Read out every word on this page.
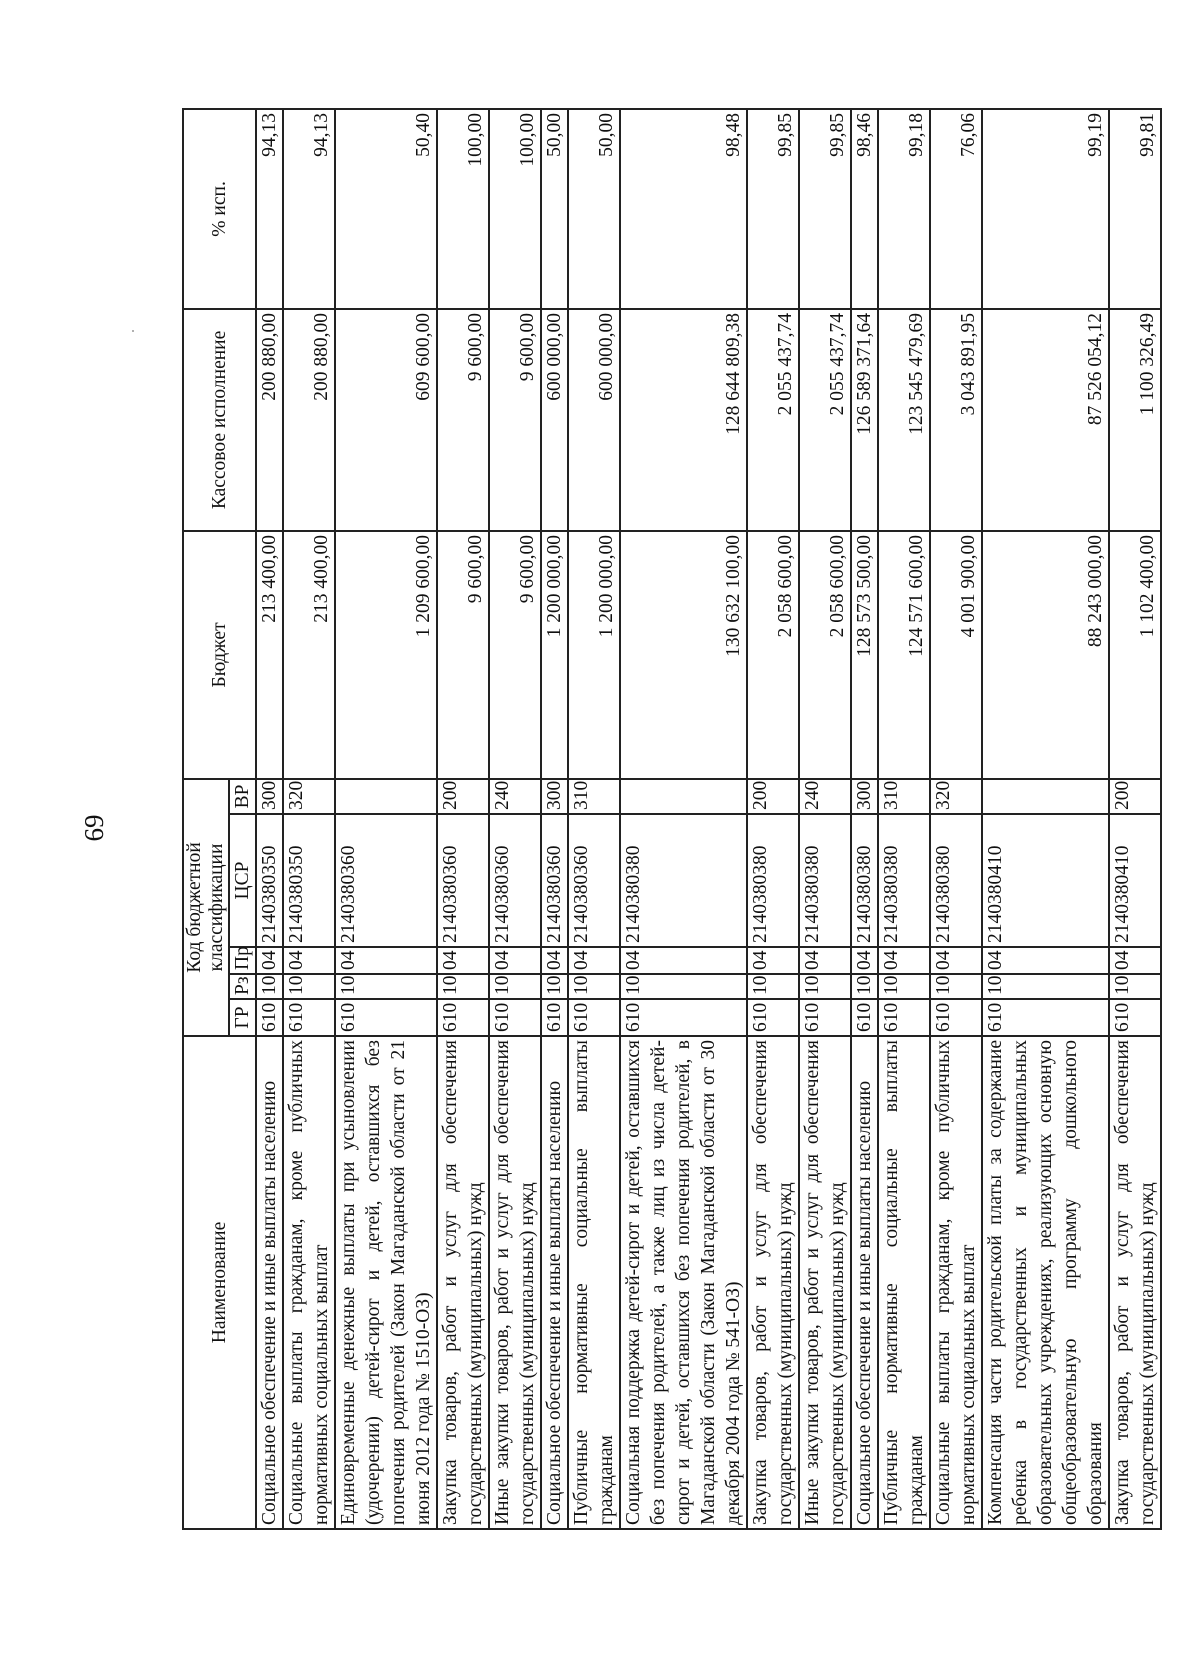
69
Наименование	Код бюджетной классификации					Бюджет	Кассовое исполнение	% исп.
	ГР	Рз	Пр	ЦСР	ВР			
Социальное обеспечение и иные выплаты населению	610	10	04	2140380350	300	213 400,00	200 880,00	94,13
Социальные выплаты гражданам, кроме публичных нормативных социальных выплат	610	10	04	2140380350	320	213 400,00	200 880,00	94,13
Единовременные денежные выплаты при усыновлении (удочерении) детей-сирот и детей, оставшихся без попечения родителей (Закон Магаданской области от 21 июня 2012 года № 1510-ОЗ)	610	10	04	2140380360		1 209 600,00	609 600,00	50,40
Закупка товаров, работ и услуг для обеспечения государственных (муниципальных) нужд	610	10	04	2140380360	200	9 600,00	9 600,00	100,00
Иные закупки товаров, работ и услуг для обеспечения государственных (муниципальных) нужд	610	10	04	2140380360	240	9 600,00	9 600,00	100,00
Социальное обеспечение и иные выплаты населению	610	10	04	2140380360	300	1 200 000,00	600 000,00	50,00
Публичные нормативные социальные выплаты гражданам	610	10	04	2140380360	310	1 200 000,00	600 000,00	50,00
Социальная поддержка детей-сирот и детей, оставшихся без попечения родителей, а также лиц из числа детей-сирот и детей, оставшихся без попечения родителей, в Магаданской области (Закон Магаданской области от 30 декабря 2004 года № 541-ОЗ)	610	10	04	2140380380		130 632 100,00	128 644 809,38	98,48
Закупка товаров, работ и услуг для обеспечения государственных (муниципальных) нужд	610	10	04	2140380380	200	2 058 600,00	2 055 437,74	99,85
Иные закупки товаров, работ и услуг для обеспечения государственных (муниципальных) нужд	610	10	04	2140380380	240	2 058 600,00	2 055 437,74	99,85
Социальное обеспечение и иные выплаты населению	610	10	04	2140380380	300	128 573 500,00	126 589 371,64	98,46
Публичные нормативные социальные выплаты гражданам	610	10	04	2140380380	310	124 571 600,00	123 545 479,69	99,18
Социальные выплаты гражданам, кроме публичных нормативных социальных выплат	610	10	04	2140380380	320	4 001 900,00	3 043 891,95	76,06
Компенсация части родительской платы за содержание ребенка в государственных и муниципальных образовательных учреждениях, реализующих основную общеобразовательную программу дошкольного образования	610	10	04	2140380410		88 243 000,00	87 526 054,12	99,19
Закупка товаров, работ и услуг для обеспечения государственных (муниципальных) нужд	610	10	04	2140380410	200	1 102 400,00	1 100 326,49	99,81
